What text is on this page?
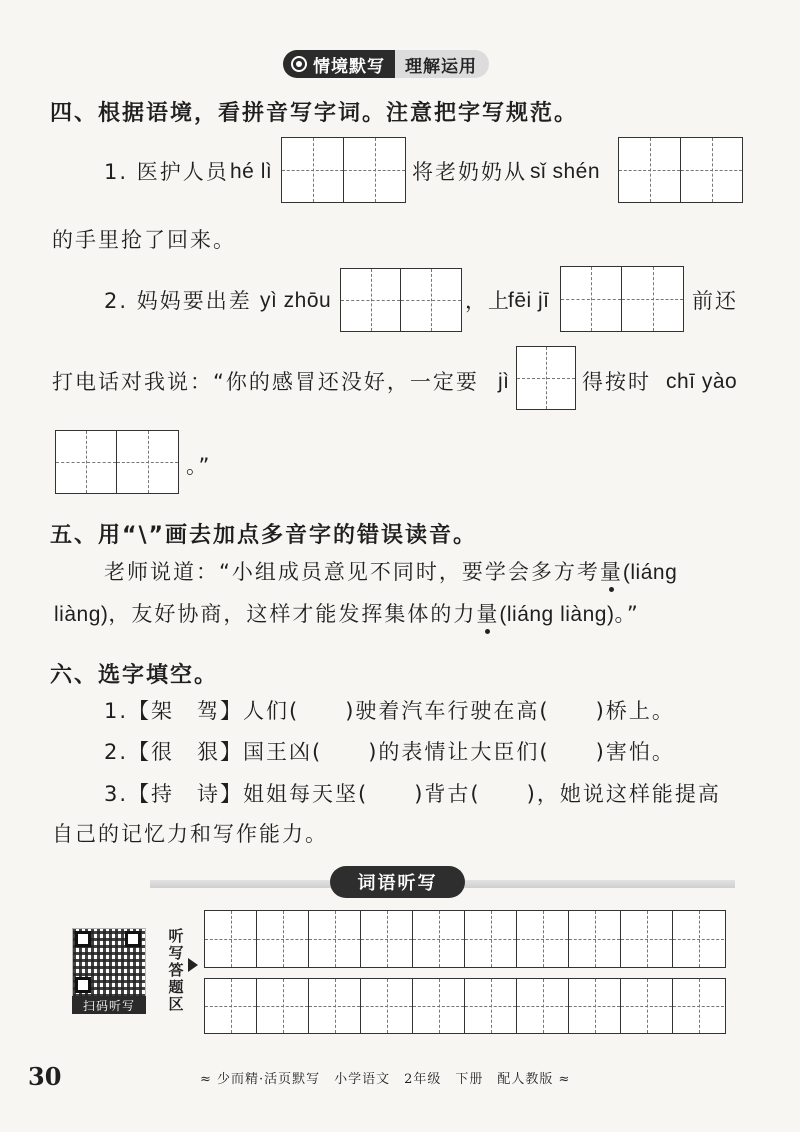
情境默写	理解运用
四、根据语境，看拼音写字词。注意把字写规范。
1. 医护人员 hé lì	将老奶奶从 sǐ shén
的手里抢了回来。
2. 妈妈要出差 yì zhōu	，上
fēi jī	前还
打电话对我说：“你的感冒还没好，一定要 jì	得按时 chī yào
。”
五、用“\”画去加点多音字的错误读音。
老师说道：“小组成员意见不同时，要学会多方考量(liáng
liàng)，友好协商，这样才能发挥集体的力量(liáng liàng)。”
六、选字填空。
1.【架　驾】人们(　　)驶着汽车行驶在高(　　)桥上。
2.【很　狠】国王凶(　　)的表情让大臣们(　　)害怕。
3.【持　诗】姐姐每天坚(　　)背古(　　)，她说这样能提高
自己的记忆力和写作能力。
词语听写
扫码听写
听
写
答
题
区
30	≈ 少而精·活页默写　小学语文　2年级　下册　配人教版 ≈
